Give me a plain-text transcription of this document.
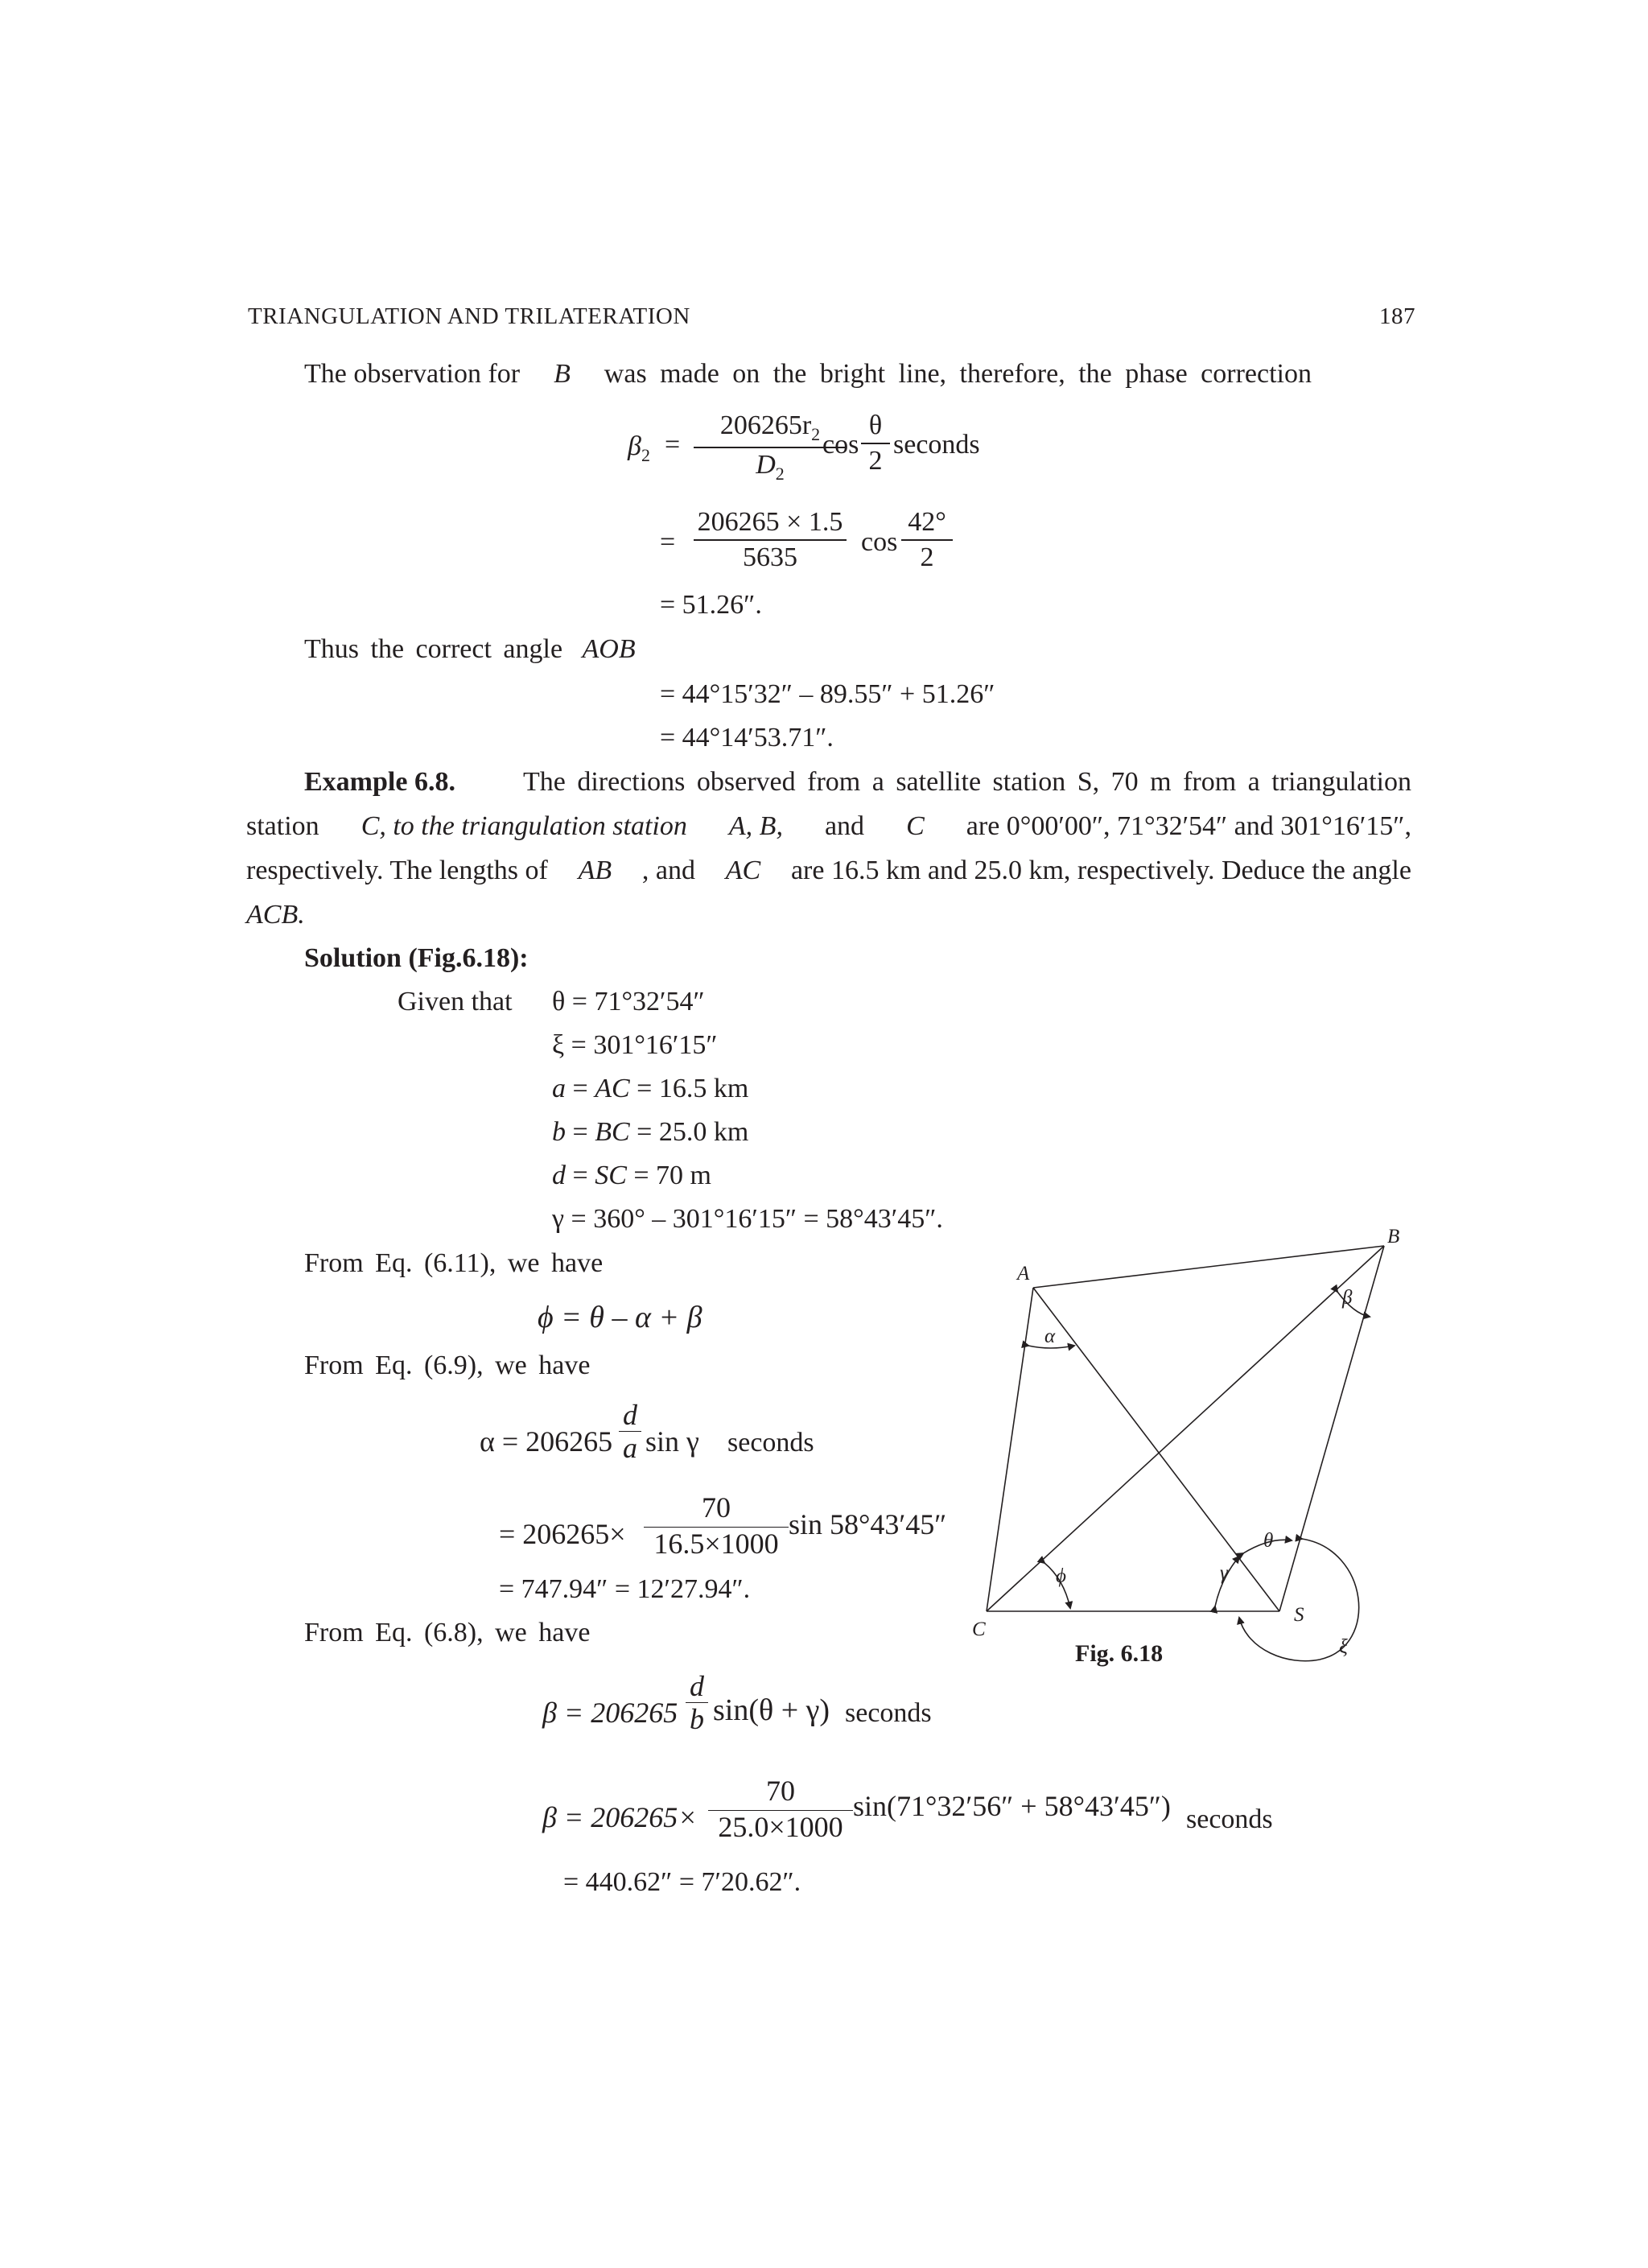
TRIANGULATION AND TRILATERATION	187
The observation for B was made on the bright line, therefore, the phase correction
$\beta_2 = \frac{206265r_2}{D_2}$
$\cos \frac{\theta}{2}$ seconds
= $\frac{206265 \times 1.5}{5635}$ $\cos \frac{42^\circ}{2}$
= 51.26″.
Thus the correct angle AOB
= 44°15′32″ – 89.55″ + 51.26″
= 44°14′53.71″.
Example 6.8. The directions observed from a satellite station S, 70 m from a triangulation
station C, to the triangulation station A, B, and C are 0°00′00″, 71°32′54″ and 301°16′15″,
respectively. The lengths of AB , and AC are 16.5 km and 25.0 km, respectively. Deduce the angle
ACB.
Solution (Fig.6.18):
Given that θ = 71°32′54″
ξ = 301°16′15″
a = AC = 16.5 km
b = BC = 25.0 km
d = SC = 70 m
γ = 360° – 301°16′15″ = 58°43′45″.
From Eq. (6.11), we have
ϕ = θ – α + β
From Eq. (6.9), we have
$\alpha = 206265 \frac{d}{a}$ sin γ seconds
= $206265\times \frac{70}{16.5\times 1000}$ sin 58°43′45″
= 747.94″ = 12′27.94″.
From Eq. (6.8), we have
$\beta = 206265 \frac{d}{b} \sin(\theta + \gamma)$ seconds
$\beta = 206265\times \frac{70}{25.0\times 1000} \sin(71^\circ 32'56'' + 58^\circ 43'45'')$ seconds
= 440.62″ = 7′20.62″.
A
B
C
S
α
β
ϕ	γ
θ
ξ
Fig. 6.18
